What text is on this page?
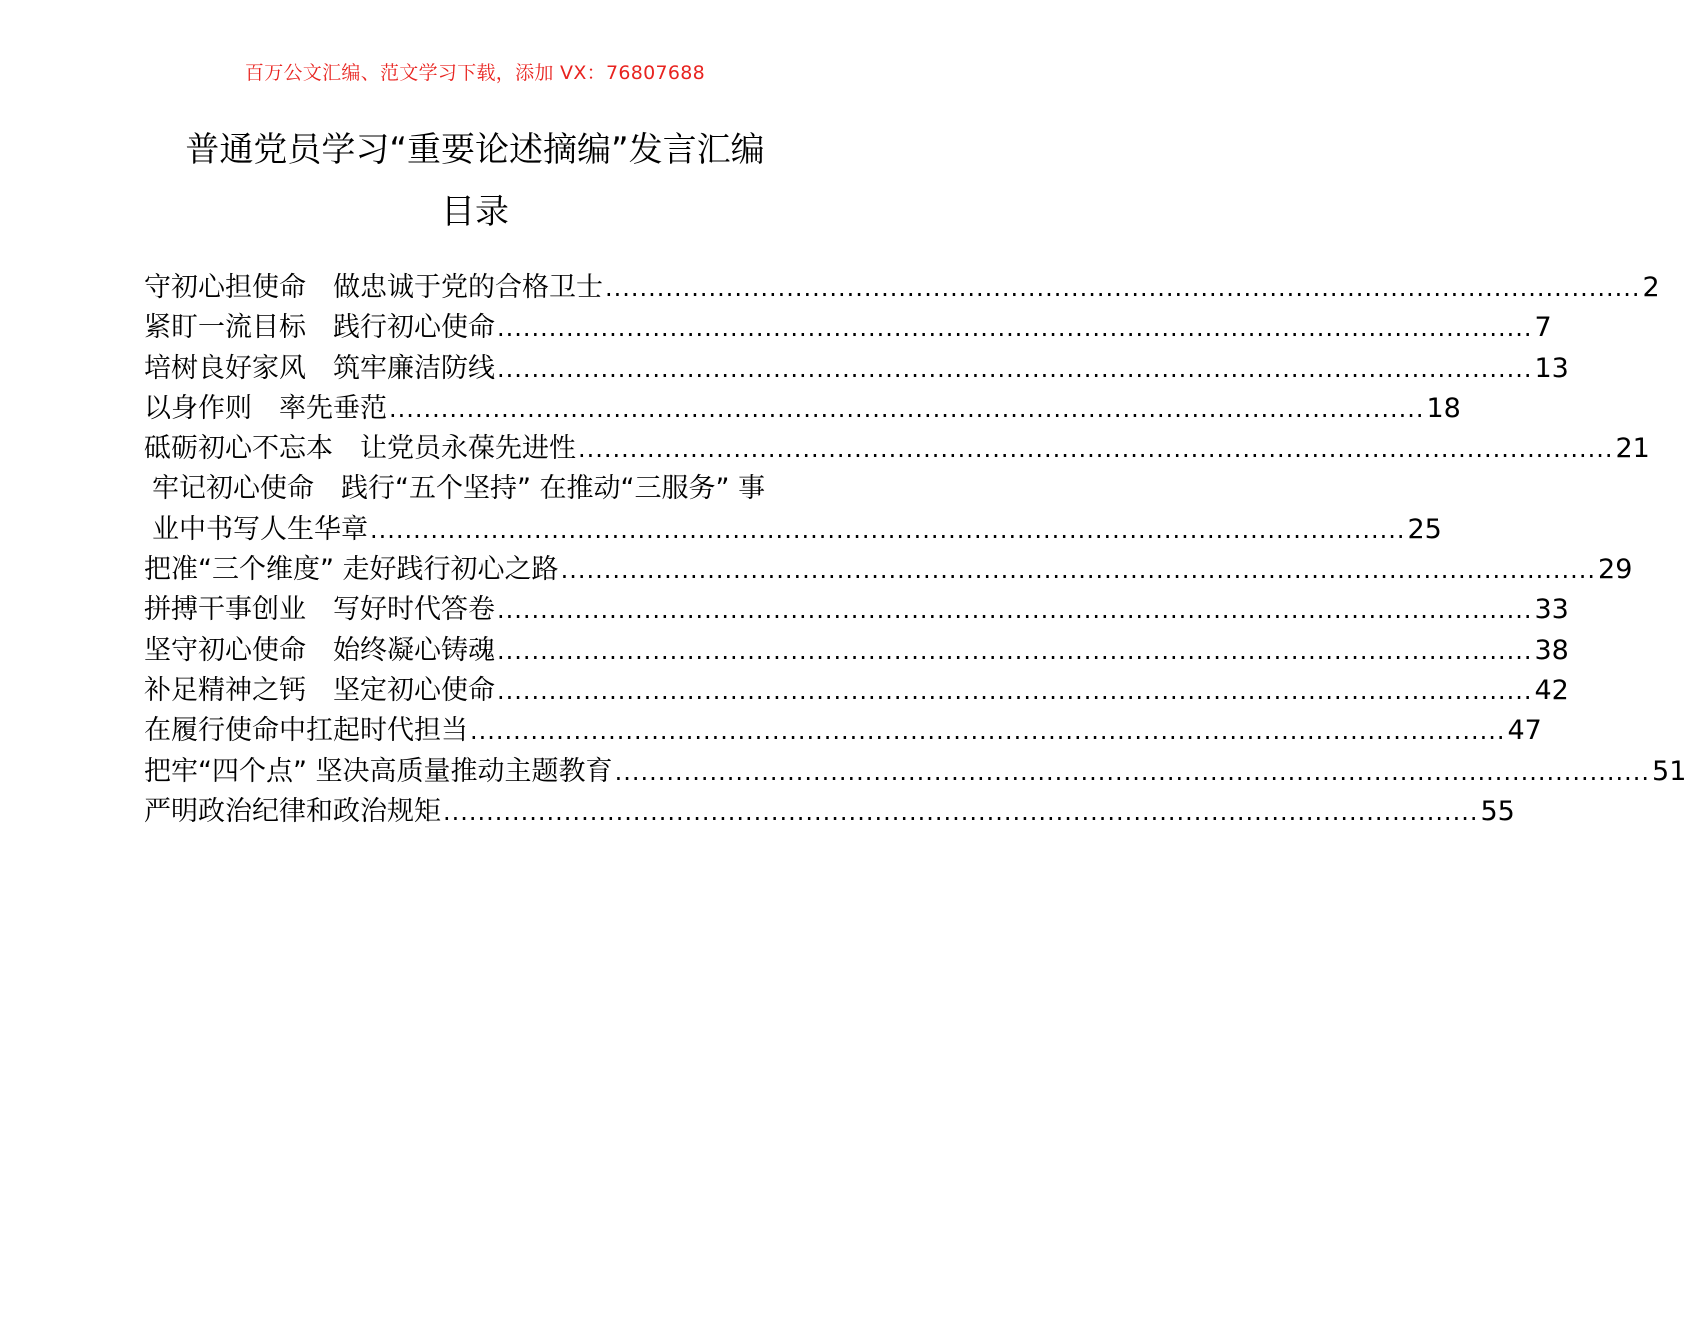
百万公文汇编、范文学习下载，添加 VX：76807688
普通党员学习“重要论述摘编”发言汇编
目录
守初心担使命　做忠诚于党的合格卫士 ........................................................................................................................ 2
紧盯一流目标　践行初心使命 ........................................................................................................................ 7
培树良好家风　筑牢廉洁防线 ........................................................................................................................ 13
以身作则　率先垂范 ........................................................................................................................ 18
砥砺初心不忘本　让党员永葆先进性 ........................................................................................................................ 21
牢记初心使命　践行“五个坚持” 在推动“三服务” 事
业中书写人生华章 ........................................................................................................................ 25
把准“三个维度” 走好践行初心之路 ........................................................................................................................ 29
拼搏干事创业　写好时代答卷 ........................................................................................................................ 33
坚守初心使命　始终凝心铸魂 ........................................................................................................................ 38
补足精神之钙　坚定初心使命 ........................................................................................................................ 42
在履行使命中扛起时代担当 ........................................................................................................................ 47
把牢“四个点” 坚决高质量推动主题教育 ........................................................................................................................ 51
严明政治纪律和政治规矩 ........................................................................................................................ 55
